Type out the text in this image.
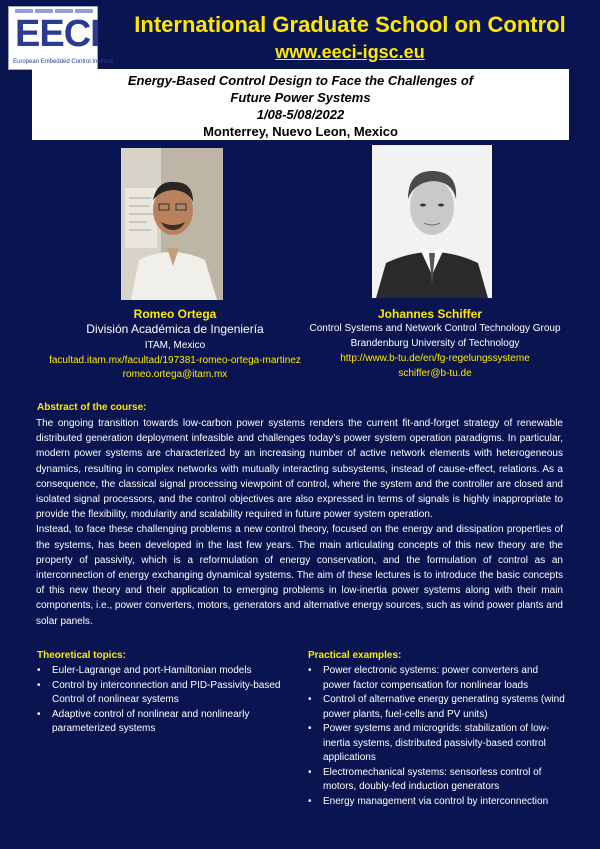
EECI
European Embedded Control Institute
International Graduate School on Control
www.eeci-igsc.eu
Energy-Based Control Design to Face the Challenges of
Future Power Systems
1/08-5/08/2022
Monterrey, Nuevo Leon, Mexico
Romeo Ortega
División Académica de Ingeniería
ITAM, Mexico
facultad.itam.mx/facultad/197381-romeo-ortega-martinez
romeo.ortega@itam.mx
Johannes Schiffer
Control Systems and Network Control Technology Group
Brandenburg University of Technology
http://www.b-tu.de/en/fg-regelungssysteme
schiffer@b-tu.de
Abstract of the course:

The ongoing transition towards low-carbon power systems renders the current fit-and-forget strategy of renewable distributed generation deployment infeasible and challenges today’s power system operation paradigms. In particular, modern power systems are characterized by an increasing number of active network elements with heterogeneous dynamics, resulting in complex networks with mutually interacting subsystems, instead of cause-effect, relations. As a consequence, the classical signal processing viewpoint of control, where the system and the controller are closed and isolated signal processors, and the control objectives are also expressed in terms of signals is highly inappropriate to provide the flexibility, modularity and scalability required in future power system operation.

Instead, to face these challenging problems a new control theory, focused on the energy and dissipation properties of the systems, has been developed in the last few years. The main articulating concepts of this new theory are the property of passivity, which is a reformulation of energy conservation, and the formulation of control as an interconnection of energy exchanging dynamical systems. The aim of these lectures is to introduce the basic concepts of this new theory and their application to emerging problems in low-inertia power systems along with their main components, i.e., power converters, motors, generators and alternative energy sources, such as wind power plants and solar panels.

Theoretical topics:
• Euler-Lagrange and port-Hamiltonian models
• Control by interconnection and PID-Passivity-based Control of nonlinear systems
• Adaptive control of nonlinear and nonlinearly parameterized systems
Practical examples:
• Power electronic systems: power converters and power factor compensation for nonlinear loads
• Control of alternative energy generating systems (wind power plants, fuel-cells and PV units)
• Power systems and microgrids: stabilization of low-inertia systems, distributed passivity-based control applications
• Electromechanical systems: sensorless control of motors, doubly-fed induction generators
• Energy management via control by interconnection
